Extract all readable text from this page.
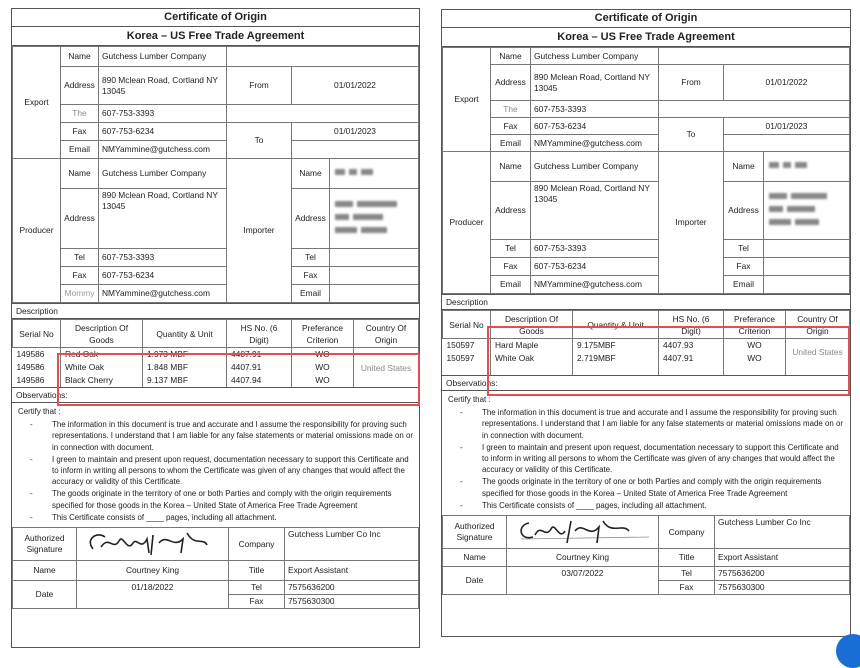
Certificate of Origin
Korea – US Free Trade Agreement
Export	Name	Gutchess Lumber Company			
	Address	890 Mclean Road, Cortland NY 13045	From	01/01/2022	
	The	607-753-3393			
	Fax	607-753-6234	To	01/01/2023	
	Email	NMYammine@gutchess.com			
Producer	Name	Gutchess Lumber Company	Importer	Name	
	Address	890 Mclean Road, Cortland NY 13045		Address	

	Tel	607-753-3393		Tel	
	Fax	607-753-6234		Fax	
	Mommy	NMYammine@gutchess.com		Email	
Description
Serial No	Description Of Goods	Quantity & Unit	HS No. (6 Digit)	Preferance Criterion	Country Of Origin
149586	Red Oak	1.973 MBF	4407.91	WO	United States
149586	White Oak	1.848 MBF	4407.91	WO	
149586	Black Cherry	9.137 MBF	4407.94	WO	
Observations:
Certify that :
- The information in this document is true and accurate and I assume the responsibility for proving such representations. I understand that I am liable for any false statements or material omissions made on or in connection with document.
- I green to maintain and present upon request, documentation necessary to support this Certificate and to inform in writing all persons to whom the Certificate was given of any changes that would affect the accuracy or validity of this Certificate.
- The goods originate in the territory of one or both Parties and comply with the origin requirements specified for those goods in the Korea – United State of America Free Trade Agreement
- This Certificate consists of ____ pages, including all attachment.
Authorized Signature		Company	Gutchess Lumber Co Inc
Name	Courtney King	Title	Export Assistant
Date	01/18/2022	Tel	7575636200
		Fax	7575630300
Certificate of Origin
Korea – US Free Trade Agreement
Export	Name	Gutchess Lumber Company			
	Address	890 Mclean Road, Cortland NY 13045	From	01/01/2022	
	The	607-753-3393			
	Fax	607-753-6234	To	01/01/2023	
	Email	NMYammine@gutchess.com			
Producer	Name	Gutchess Lumber Company	Importer	Name	
	Address	890 Mclean Road, Cortland NY 13045		Address	

	Tel	607-753-3393		Tel	
	Fax	607-753-6234		Fax	
	Email	NMYammine@gutchess.com		Email	
Description
Serial No	Description Of Goods	Quantity & Unit	HS No. (6 Digit)	Preferance Criterion	Country Of Origin
150597	Hard Maple	9.175MBF	4407.93	WO	United States
150597	White Oak	2.719MBF	4407.91	WO	

Observations:
Certify that :
- The information in this document is true and accurate and I assume the responsibility for proving such representations. I understand that I am liable for any false statements or material omissions made on or in connection with document.
- I green to maintain and present upon request, documentation necessary to support this Certificate and to inform in writing all persons to whom the Certificate was given of any changes that would affect the accuracy or validity of this Certificate.
- The goods originate in the territory of one or both Parties and comply with the origin requirements specified for those goods in the Korea – United State of America Free Trade Agreement
- This Certificate consists of ____ pages, including all attachment.
Authorized Signature		Company	Gutchess Lumber Co Inc
Name	Courtney King	Title	Export Assistant
Date	03/07/2022	Tel	7575636200
		Fax	7575630300
